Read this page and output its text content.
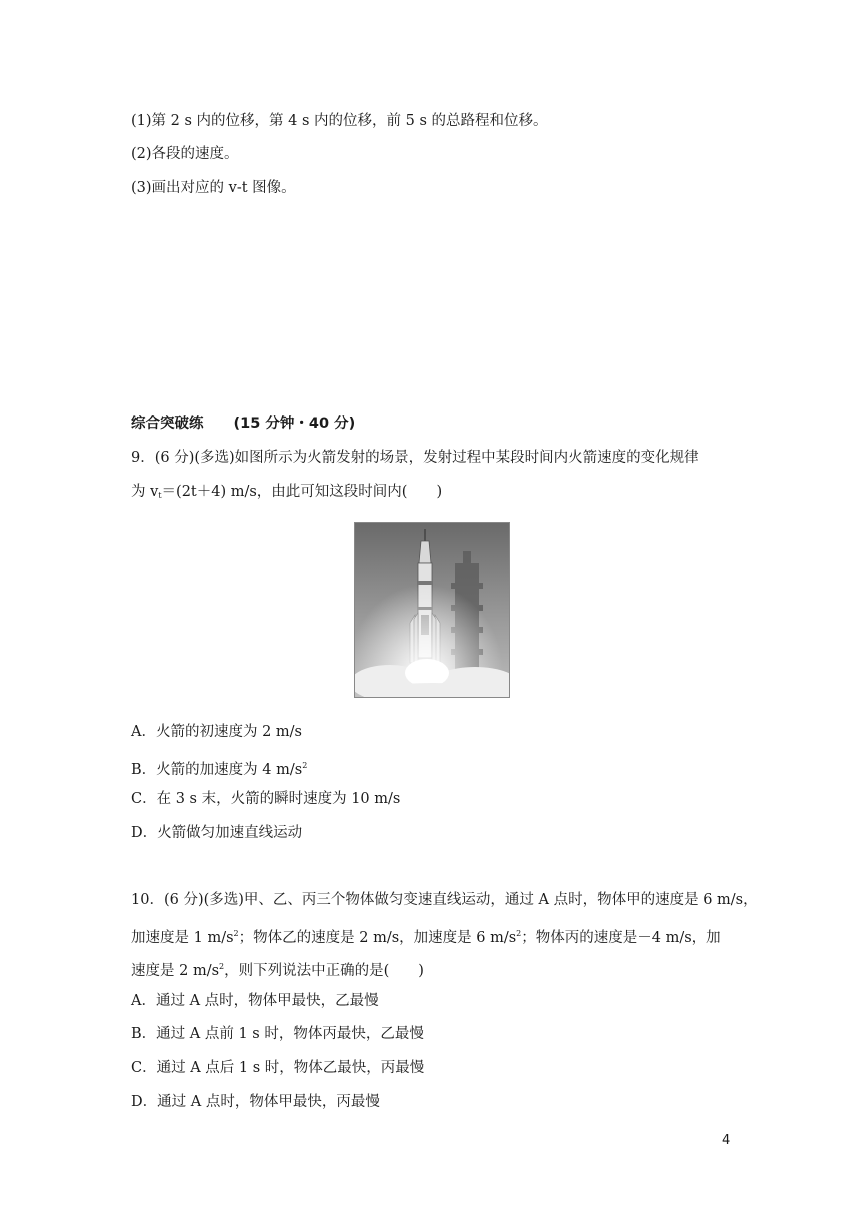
(1)第 2 s 内的位移，第 4 s 内的位移，前 5 s 的总路程和位移。
(2)各段的速度。
(3)画出对应的 v-t 图像。
综合突破练 (15 分钟・40 分)
9．(6 分)(多选)如图所示为火箭发射的场景，发射过程中某段时间内火箭速度的变化规律
为 $v_t=(2t+4)$ m/s，由此可知这段时间内(　　)
A．火箭的初速度为 2 m/s
B．火箭的加速度为 4 $m/s^2$
C．在 3 s 末，火箭的瞬时速度为 10 m/s
D．火箭做匀加速直线运动
10．(6 分)(多选)甲、乙、丙三个物体做匀变速直线运动，通过 A 点时，物体甲的速度是 6 m/s，
加速度是 1 $m/s^2$；物体乙的速度是 2 m/s，加速度是 6 $m/s^2$；物体丙的速度是－4 m/s，加
速度是 2 $m/s^2$，则下列说法中正确的是(　　)
A．通过 A 点时，物体甲最快，乙最慢
B．通过 A 点前 1 s 时，物体丙最快，乙最慢
C．通过 A 点后 1 s 时，物体乙最快，丙最慢
D．通过 A 点时，物体甲最快，丙最慢
4
